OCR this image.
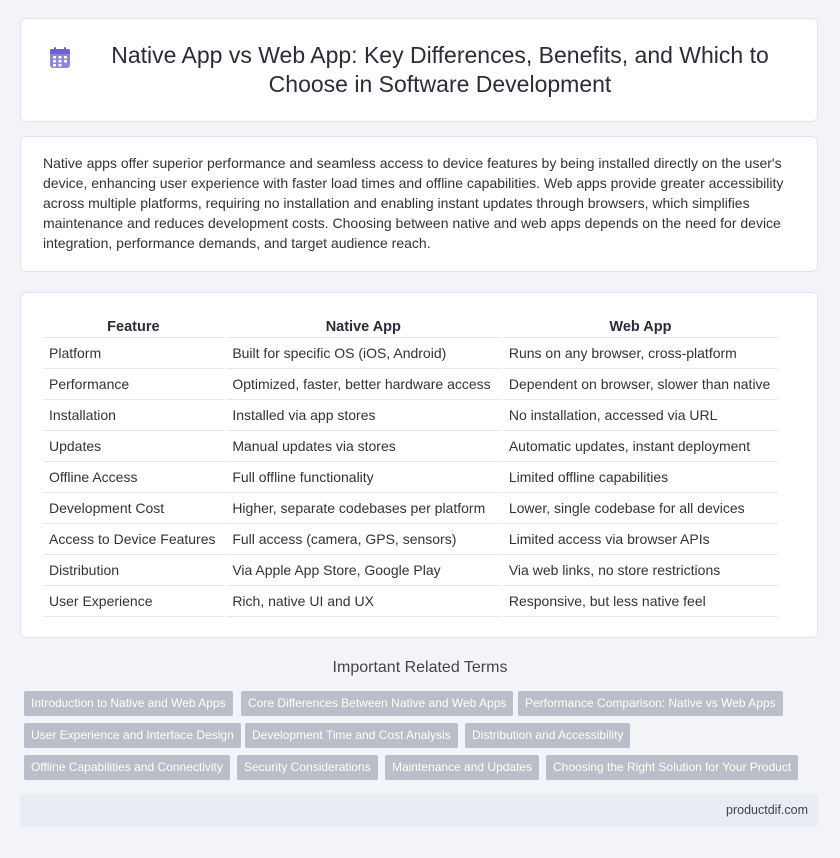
Native App vs Web App: Key Differences, Benefits, and Which to Choose in Software Development

Native apps offer superior performance and seamless access to device features by being installed directly on the user's device, enhancing user experience with faster load times and offline capabilities. Web apps provide greater accessibility across multiple platforms, requiring no installation and enabling instant updates through browsers, which simplifies maintenance and reduces development costs. Choosing between native and web apps depends on the need for device integration, performance demands, and target audience reach.

Feature		Native App		Web App
Platform		Built for specific OS (iOS, Android)		Runs on any browser, cross-platform
Performance		Optimized, faster, better hardware access		Dependent on browser, slower than native
Installation		Installed via app stores		No installation, accessed via URL
Updates		Manual updates via stores		Automatic updates, instant deployment
Offline Access		Full offline functionality		Limited offline capabilities
Development Cost		Higher, separate codebases per platform		Lower, single codebase for all devices
Access to Device Features		Full access (camera, GPS, sensors)		Limited access via browser APIs
Distribution		Via Apple App Store, Google Play		Via web links, no store restrictions
User Experience		Rich, native UI and UX		Responsive, but less native feel
Important Related Terms
Introduction to Native and Web Apps	Core Differences Between Native and Web Apps	Performance Comparison: Native vs Web Apps
User Experience and Interface Design	Development Time and Cost Analysis	Distribution and Accessibility
Offline Capabilities and Connectivity	Security Considerations	Maintenance and Updates	Choosing the Right Solution for Your Product
productdif.com
